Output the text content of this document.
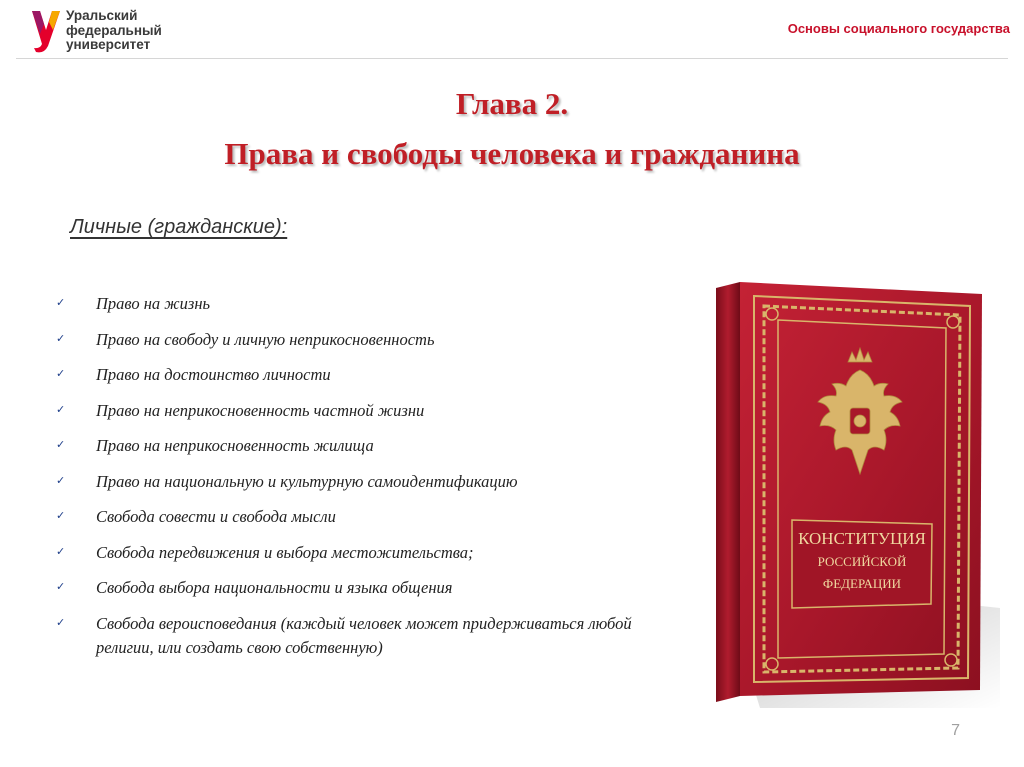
Уральский
федеральный
университет
Основы социального государства
Глава 2.
Права и свободы человека и гражданина
Личные (гражданские):
✓ Право на жизнь
✓ Право на свободу и личную неприкосновенность
✓ Право на достоинство личности
✓ Право на неприкосновенность частной жизни
✓ Право на неприкосновенность жилища
✓ Право на национальную и культурную самоидентификацию
✓ Свобода совести и свобода мысли
✓ Свобода передвижения и выбора местожительства;
✓ Свобода выбора национальности и языка общения
✓ Свобода вероисповедания (каждый человек может придерживаться любой религии, или создать свою собственную)
КОНСТИТУЦИЯ
РОССИЙСКОЙ
ФЕДЕРАЦИИ
7
